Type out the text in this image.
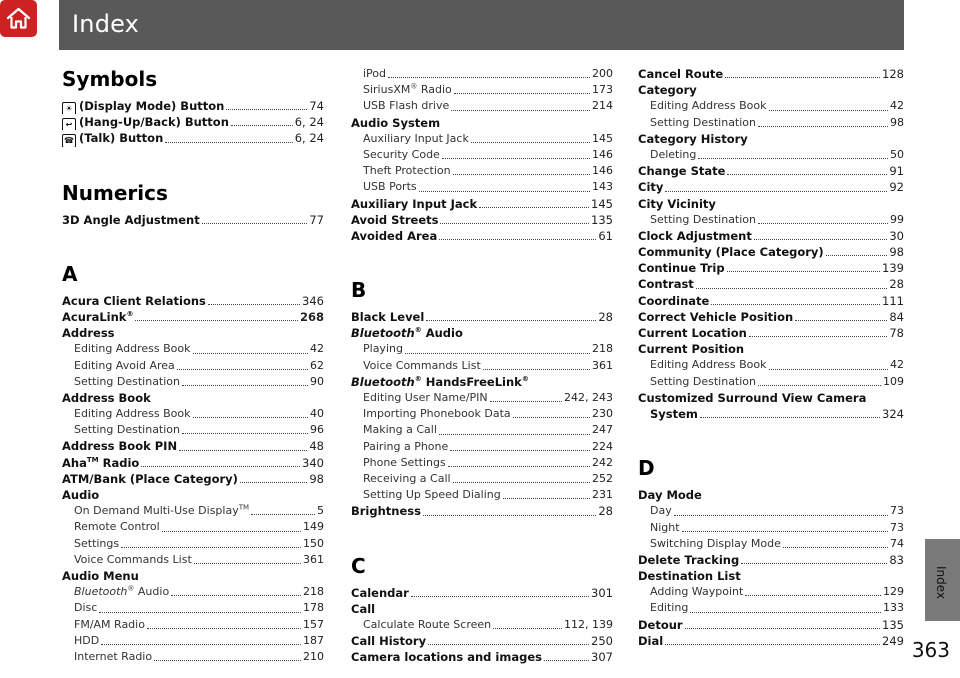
Index
Index
Symbols
☀ (Display Mode) Button	74
↩ (Hang-Up/Back) Button	6, 24
☎ (Talk) Button	6, 24
Numerics
3D Angle Adjustment	77
A
Acura Client Relations	346
AcuraLink®	268
Address
Editing Address Book	42
Editing Avoid Area	62
Setting Destination	90
Address Book
Editing Address Book	40
Setting Destination	96
Address Book PIN	48
Aha™ Radio	340
ATM/Bank (Place Category)	98
Audio
On Demand Multi-Use Display™	5
Remote Control	149
Settings	150
Voice Commands List	361
Audio Menu
Bluetooth® Audio	218
Disc	178
FM/AM Radio	157
HDD	187
Internet Radio	210
iPod	200
SiriusXM® Radio	173
USB Flash drive	214
Audio System
Auxiliary Input Jack	145
Security Code	146
Theft Protection	146
USB Ports	143
Auxiliary Input Jack	145
Avoid Streets	135
Avoided Area	61
B
Black Level	28
Bluetooth® Audio
Playing	218
Voice Commands List	361
Bluetooth® HandsFreeLink®
Editing User Name/PIN	242, 243
Importing Phonebook Data	230
Making a Call	247
Pairing a Phone	224
Phone Settings	242
Receiving a Call	252
Setting Up Speed Dialing	231
Brightness	28
C
Calendar	301
Call
Calculate Route Screen	112, 139
Call History	250
Camera locations and images	307
Cancel Route	128
Category
Editing Address Book	42
Setting Destination	98
Category History
Deleting	50
Change State	91
City	92
City Vicinity
Setting Destination	99
Clock Adjustment	30
Community (Place Category)	98
Continue Trip	139
Contrast	28
Coordinate	111
Correct Vehicle Position	84
Current Location	78
Current Position
Editing Address Book	42
Setting Destination	109
Customized Surround View Camera
System	324
D
Day Mode
Day	73
Night	73
Switching Display Mode	74
Delete Tracking	83
Destination List
Adding Waypoint	129
Editing	133
Detour	135
Dial	249 363
